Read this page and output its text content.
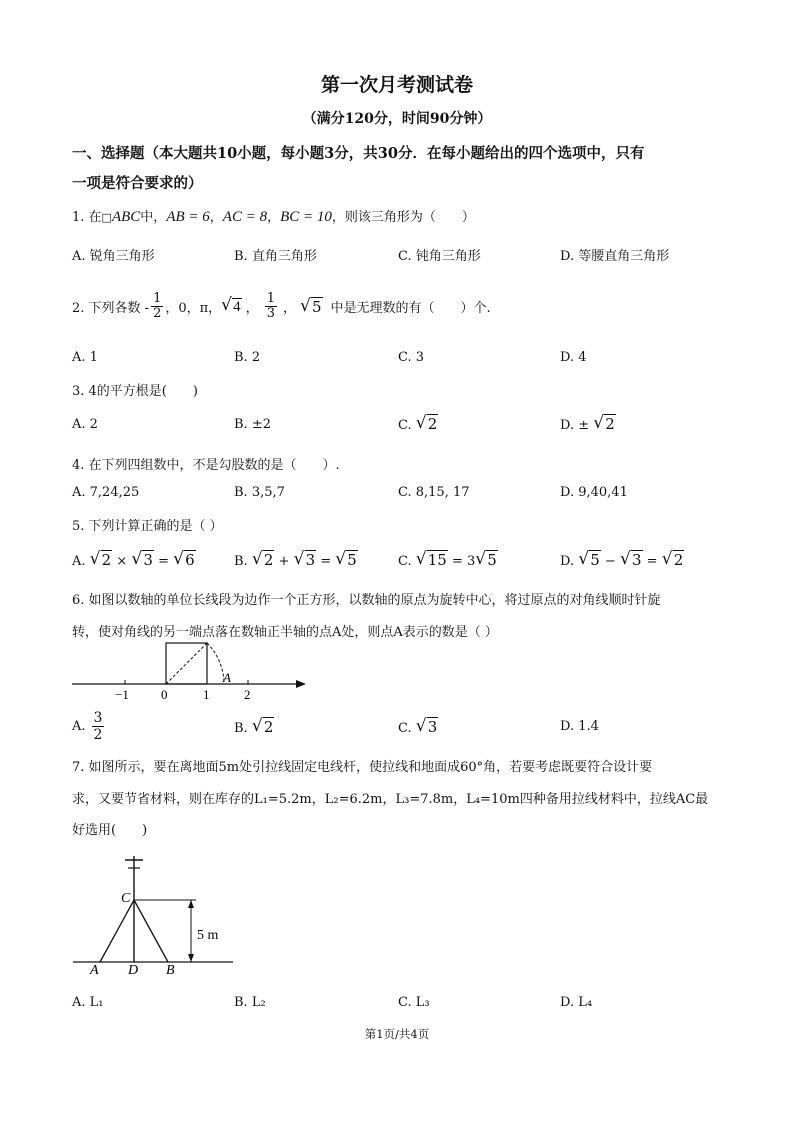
第一次月考测试卷
（满分120分，时间90分钟）
一、选择题（本大题共10小题，每小题3分，共30分．在每小题给出的四个选项中，只有
一项是符合要求的）
1. 在□ABC中，AB = 6，AC = 8，BC = 10，则该三角形为（　　）
A. 锐角三角形	B. 直角三角形	C. 钝角三角形	D. 等腰直角三角形
2. 下列各数 - $\frac{1}{2}$ ，0，π， √ 4 ， $\frac{1}{3}$ ， √ 5 中是无理数的有（　　）个.
A. 1	B. 2	C. 3	D. 4
3. 4的平方根是(　　)
A. 2	B. ±2	C. √ 2	D. ± √ 2
4. 在下列四组数中，不是勾股数的是（　　）.
A. 7,24,25	B. 3,5,7	C. 8,15, 17	D. 9,40,41
5. 下列计算正确的是（ ）
A. √ 2 × √ 3 = √ 6	B. √ 2 + √ 3 = √ 5	C. √ 15 = 3 √ 5	D. √ 5 − √ 3 = √ 2
6. 如图以数轴的单位长线段为边作一个正方形，以数轴的原点为旋转中心，将过原点的对角线顺时针旋
转，使对角线的另一端点落在数轴正半轴的点A处，则点A表示的数是（ ）
−1 0	1	2
A
A. $\frac{3}{2}$	B. √ 2	C. √ 3	D. 1.4
7. 如图所示，要在离地面5m处引拉线固定电线杆，使拉线和地面成60°角，若要考虑既要符合设计要
求，又要节省材料，则在库存的L₁=5.2m，L₂=6.2m，L₃=7.8m，L₄=10m四种备用拉线材料中，拉线AC最
好选用(　　)
C
A D B
5 m
A. L₁	B. L₂	C. L₃	D. L₄
第1页/共4页
